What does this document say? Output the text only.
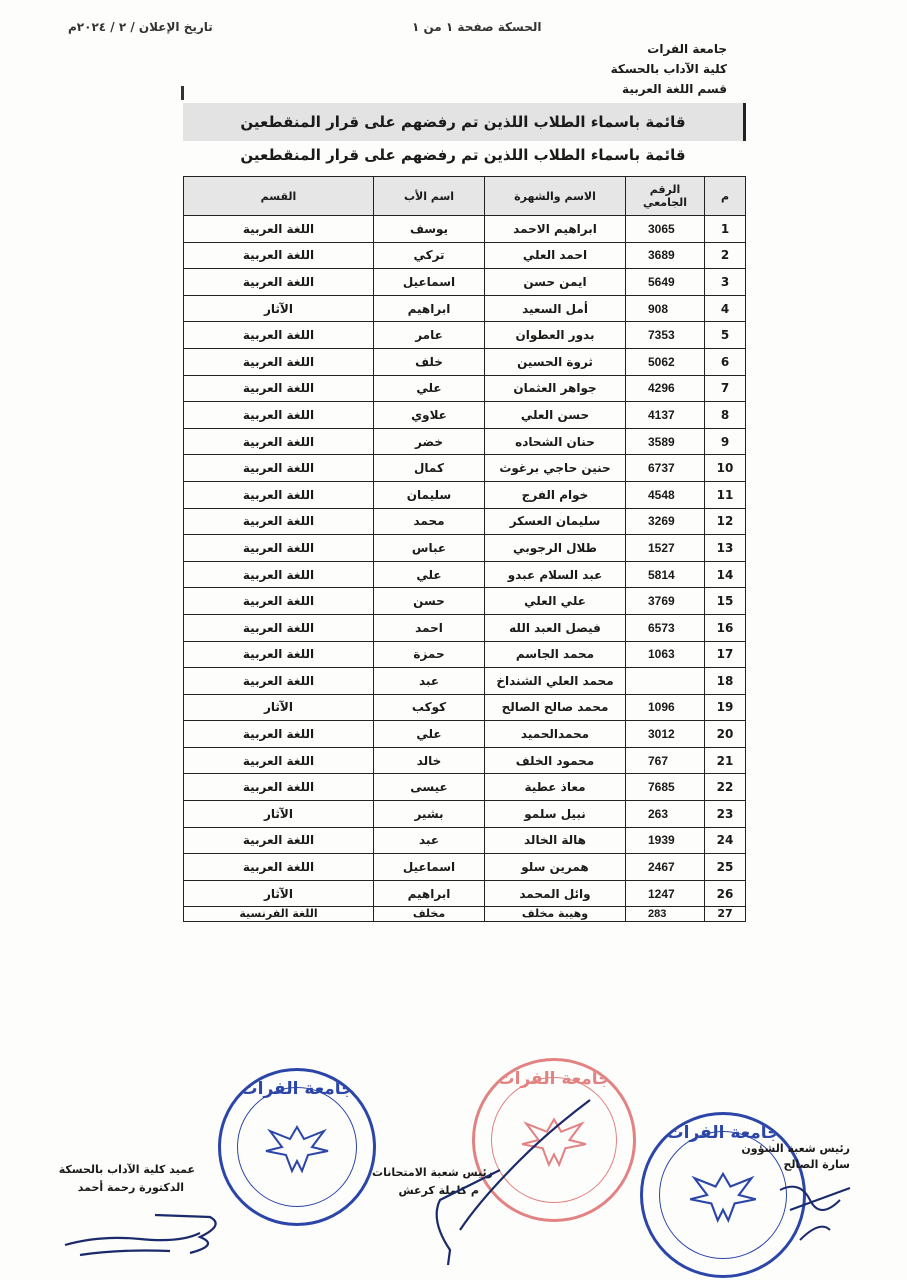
الحسكة صفحة ١ من ١
تاريخ الإعلان / ٢ / ٢٠٢٤م
جامعة الفرات
كلية الآداب بالحسكة
قسم اللغة العربية
قائمة باسماء الطلاب اللذين تم رفضهم على قرار المنقطعين
قائمة باسماء الطلاب اللذين تم رفضهم على قرار المنقطعين
م	الرقم الجامعي	الاسم والشهرة	اسم الأب	القسم
1	3065	ابراهيم الاحمد	يوسف	اللغة العربية
2	3689	احمد العلي	تركي	اللغة العربية
3	5649	ايمن حسن	اسماعيل	اللغة العربية
4	908	أمل السعيد	ابراهيم	الآثار
5	7353	بدور العطوان	عامر	اللغة العربية
6	5062	ثروة الحسين	خلف	اللغة العربية
7	4296	جواهر العثمان	علي	اللغة العربية
8	4137	حسن العلي	علاوي	اللغة العربية
9	3589	حنان الشحاده	خضر	اللغة العربية
10	6737	حنين حاجي برغوث	كمال	اللغة العربية
11	4548	خوام الفرج	سليمان	اللغة العربية
12	3269	سليمان العسكر	محمد	اللغة العربية
13	1527	طلال الرجوبي	عباس	اللغة العربية
14	5814	عبد السلام عبدو	علي	اللغة العربية
15	3769	علي العلي	حسن	اللغة العربية
16	6573	فيصل العبد الله	احمد	اللغة العربية
17	1063	محمد الجاسم	حمزة	اللغة العربية
18		محمد العلي الشنداخ	عبد	اللغة العربية
19	1096	محمد صالح الصالح	كوكب	الآثار
20	3012	محمدالحميد	علي	اللغة العربية
21	767	محمود الخلف	خالد	اللغة العربية
22	7685	معاذ عطية	عيسى	اللغة العربية
23	263	نبيل سلمو	بشير	الآثار
24	1939	هالة الخالد	عبد	اللغة العربية
25	2467	همرين سلو	اسماعيل	اللغة العربية
26	1247	وائل المحمد	ابراهيم	الآثار
27	283	وهيبة مخلف	مخلف	اللغة الفرنسية
جامعة الفرات	جامعة الفرات
جامعة الفرات
رئيس شعبة الشؤون
سارة الصالح
رئيس شعبة الامتحانات
م كاملة كرعش
عميد كلية الآداب بالحسكة
الدكتورة رحمة أحمد
